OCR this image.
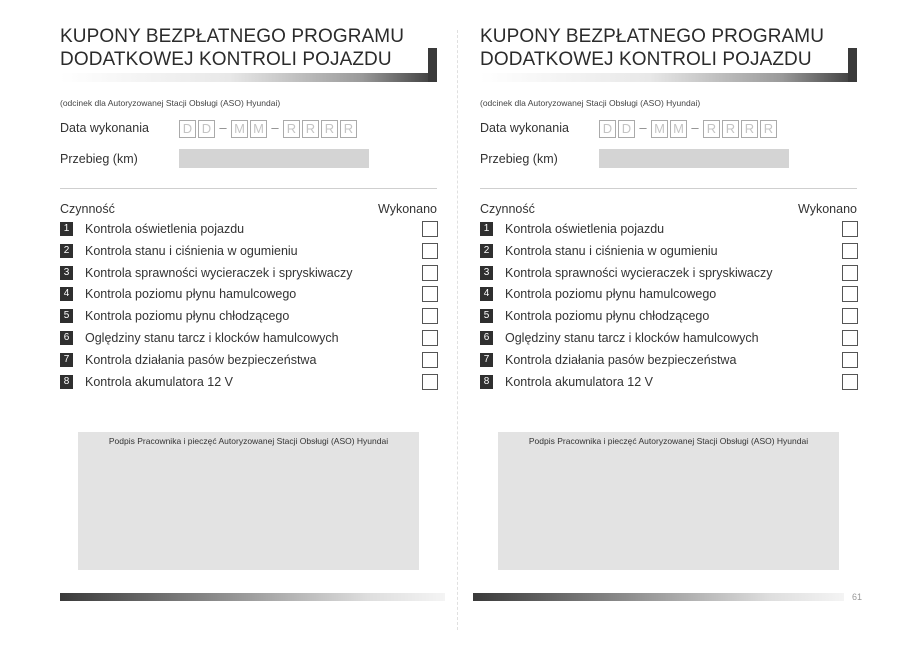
KUPONY BEZPŁATNEGO PROGRAMU
DODATKOWEJ KONTROLI POJAZDU
(odcinek dla Autoryzowanej Stacji Obsługi (ASO) Hyundai)
Data wykonania	D D – M M – R R R R
Przebieg (km)
Czynność	Wykonano
1 Kontrola oświetlenia pojazdu
2 Kontrola stanu i ciśnienia w ogumieniu
3 Kontrola sprawności wycieraczek i spryskiwaczy
4 Kontrola poziomu płynu hamulcowego
5 Kontrola poziomu płynu chłodzącego
6 Oględziny stanu tarcz i klocków hamulcowych
7 Kontrola działania pasów bezpieczeństwa
8 Kontrola akumulatora 12 V
Podpis Pracownika i pieczęć Autoryzowanej Stacji Obsługi (ASO) Hyundai
KUPONY BEZPŁATNEGO PROGRAMU
DODATKOWEJ KONTROLI POJAZDU
(odcinek dla Autoryzowanej Stacji Obsługi (ASO) Hyundai)
Data wykonania	D D – M M – R R R R
Przebieg (km)
Czynność	Wykonano
1 Kontrola oświetlenia pojazdu
2 Kontrola stanu i ciśnienia w ogumieniu
3 Kontrola sprawności wycieraczek i spryskiwaczy
4 Kontrola poziomu płynu hamulcowego
5 Kontrola poziomu płynu chłodzącego
6 Oględziny stanu tarcz i klocków hamulcowych
7 Kontrola działania pasów bezpieczeństwa
8 Kontrola akumulatora 12 V
Podpis Pracownika i pieczęć Autoryzowanej Stacji Obsługi (ASO) Hyundai
61
